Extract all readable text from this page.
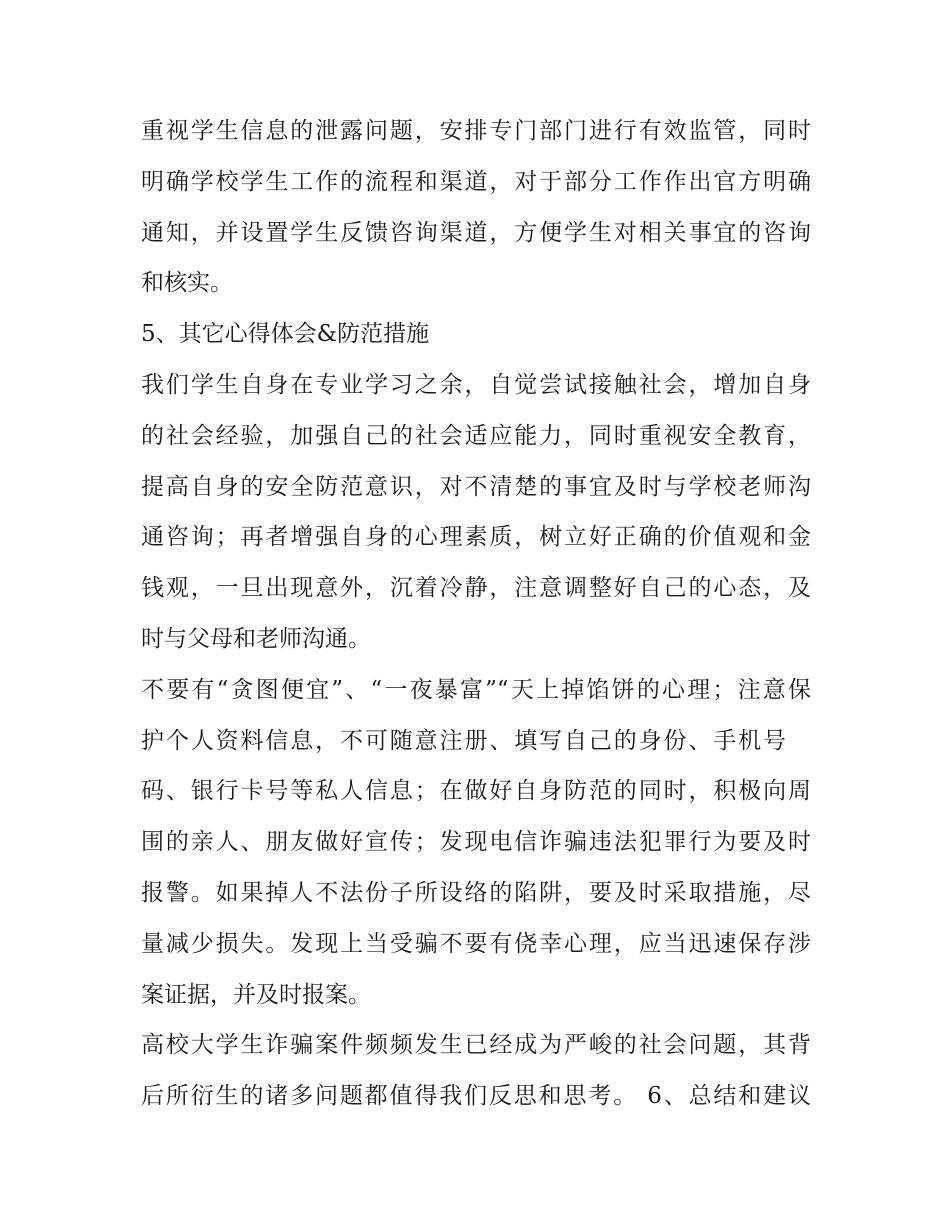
重视学生信息的泄露问题，安排专门部门进行有效监管，同时
明确学校学生工作的流程和渠道，对于部分工作作出官方明确
通知，并设置学生反馈咨询渠道，方便学生对相关事宜的咨询
和核实。
5、其它心得体会&防范措施
我们学生自身在专业学习之余，自觉尝试接触社会，增加自身
的社会经验，加强自己的社会适应能力，同时重视安全教育，
提高自身的安全防范意识，对不清楚的事宜及时与学校老师沟
通咨询；再者增强自身的心理素质，树立好正确的价值观和金
钱观，一旦出现意外，沉着冷静，注意调整好自己的心态，及
时与父母和老师沟通。
不要有“贪图便宜”、“一夜暴富”“天上掉馅饼的心理；注意保
护个人资料信息，不可随意注册、填写自己的身份、手机号
码、银行卡号等私人信息；在做好自身防范的同时，积极向周
围的亲人、朋友做好宣传；发现电信诈骗违法犯罪行为要及时
报警。如果掉人不法份子所设络的陷阱，要及时采取措施，尽
量减少损失。发现上当受骗不要有侥幸心理，应当迅速保存涉
案证据，并及时报案。
高校大学生诈骗案件频频发生已经成为严峻的社会问题，其背
后所衍生的诸多问题都值得我们反思和思考。 6、总结和建议
